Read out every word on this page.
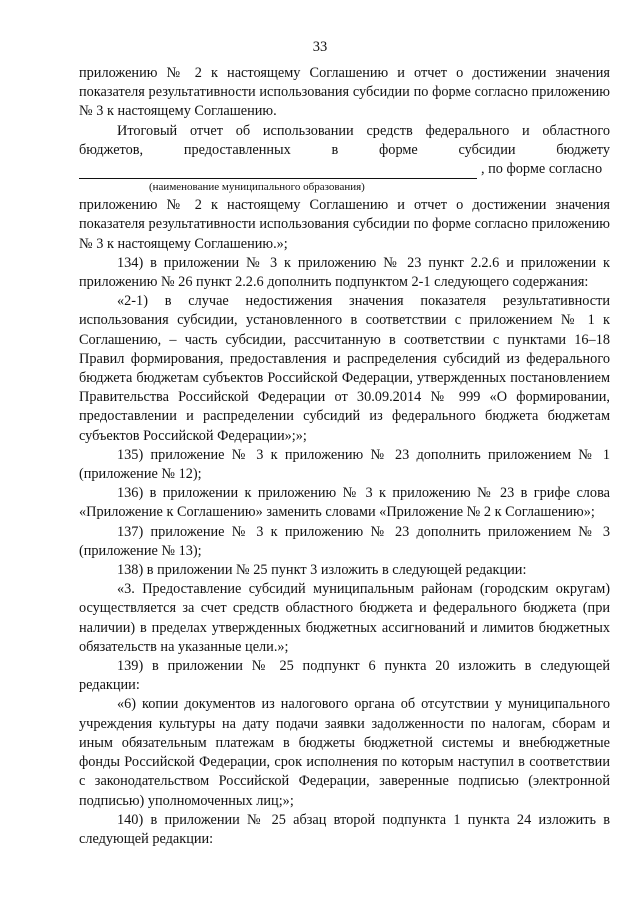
33

приложению № 2 к настоящему Соглашению и отчет о достижении значения показателя результативности использования субсидии по форме согласно приложению № 3 к настоящему Соглашению.

Итоговый отчет об использовании средств федерального и областного бюджетов, предоставленных в форме субсидии бюджету

, по форме согласно

(наименование муниципального образования)

приложению № 2 к настоящему Соглашению и отчет о достижении значения показателя результативности использования субсидии по форме согласно приложению № 3 к настоящему Соглашению.»;

134) в приложении № 3 к приложению № 23 пункт 2.2.6 и приложении к приложению № 26 пункт 2.2.6 дополнить подпунктом 2-1 следующего содержания:

«2-1) в случае недостижения значения показателя результативности использования субсидии, установленного в соответствии с приложением № 1 к Соглашению, – часть субсидии, рассчитанную в соответствии с пунктами 16–18 Правил формирования, предоставления и распределения субсидий из федерального бюджета бюджетам субъектов Российской Федерации, утвержденных постановлением Правительства Российской Федерации от 30.09.2014 № 999 «О формировании, предоставлении и распределении субсидий из федерального бюджета бюджетам субъектов Российской Федерации»;»;

135) приложение № 3 к приложению № 23 дополнить приложением № 1 (приложение № 12);

136) в приложении к приложению № 3 к приложению № 23 в грифе слова «Приложение к Соглашению» заменить словами «Приложение № 2 к Соглашению»;

137) приложение № 3 к приложению № 23 дополнить приложением № 3 (приложение № 13);

138) в приложении № 25 пункт 3 изложить в следующей редакции:

«3. Предоставление субсидий муниципальным районам (городским округам) осуществляется за счет средств областного бюджета и федерального бюджета (при наличии) в пределах утвержденных бюджетных ассигнований и лимитов бюджетных обязательств на указанные цели.»;

139) в приложении № 25 подпункт 6 пункта 20 изложить в следующей редакции:

«6) копии документов из налогового органа об отсутствии у муниципального учреждения культуры на дату подачи заявки задолженности по налогам, сборам и иным обязательным платежам в бюджеты бюджетной системы и внебюджетные фонды Российской Федерации, срок исполнения по которым наступил в соответствии с законодательством Российской Федерации, заверенные подписью (электронной подписью) уполномоченных лиц;»;

140) в приложении № 25 абзац второй подпункта 1 пункта 24 изложить в следующей редакции:
